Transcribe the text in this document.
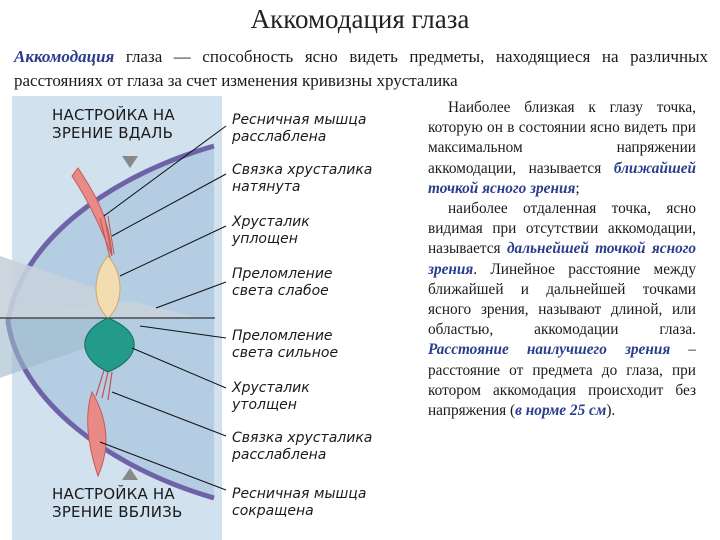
Аккомодация глаза
Аккомодация глаза — способность ясно видеть предметы, находящиеся на различных расстояниях от глаза за счет изменения кривизны хрусталика
НАСТРОЙКА НА
ЗРЕНИЕ ВДАЛЬ
НАСТРОЙКА НА
ЗРЕНИЕ ВБЛИЗЬ
Ресничная мышца
расслаблена
Связка хрусталика
натянута
Хрусталик
уплощен
Преломление
света слабое
Преломление
света сильное
Хрусталик
утолщен
Связка хрусталика
расслаблена
Ресничная мышца
сокращена

Наиболее близкая к глазу точка, которую он в состоянии ясно видеть при максимальном напряжении аккомодации, называется ближайшей точкой ясного зрения;

наиболее отдаленная точка, ясно видимая при отсутствии аккомодации, называется дальнейшей точкой ясного зрения. Линейное расстояние между ближайшей и дальнейшей точками ясного зрения, называют длиной, или областью, аккомодации глаза. Расстояние наилучшего зрения – расстояние от предмета до глаза, при котором аккомодация происходит без напряжения (в норме 25 см).
